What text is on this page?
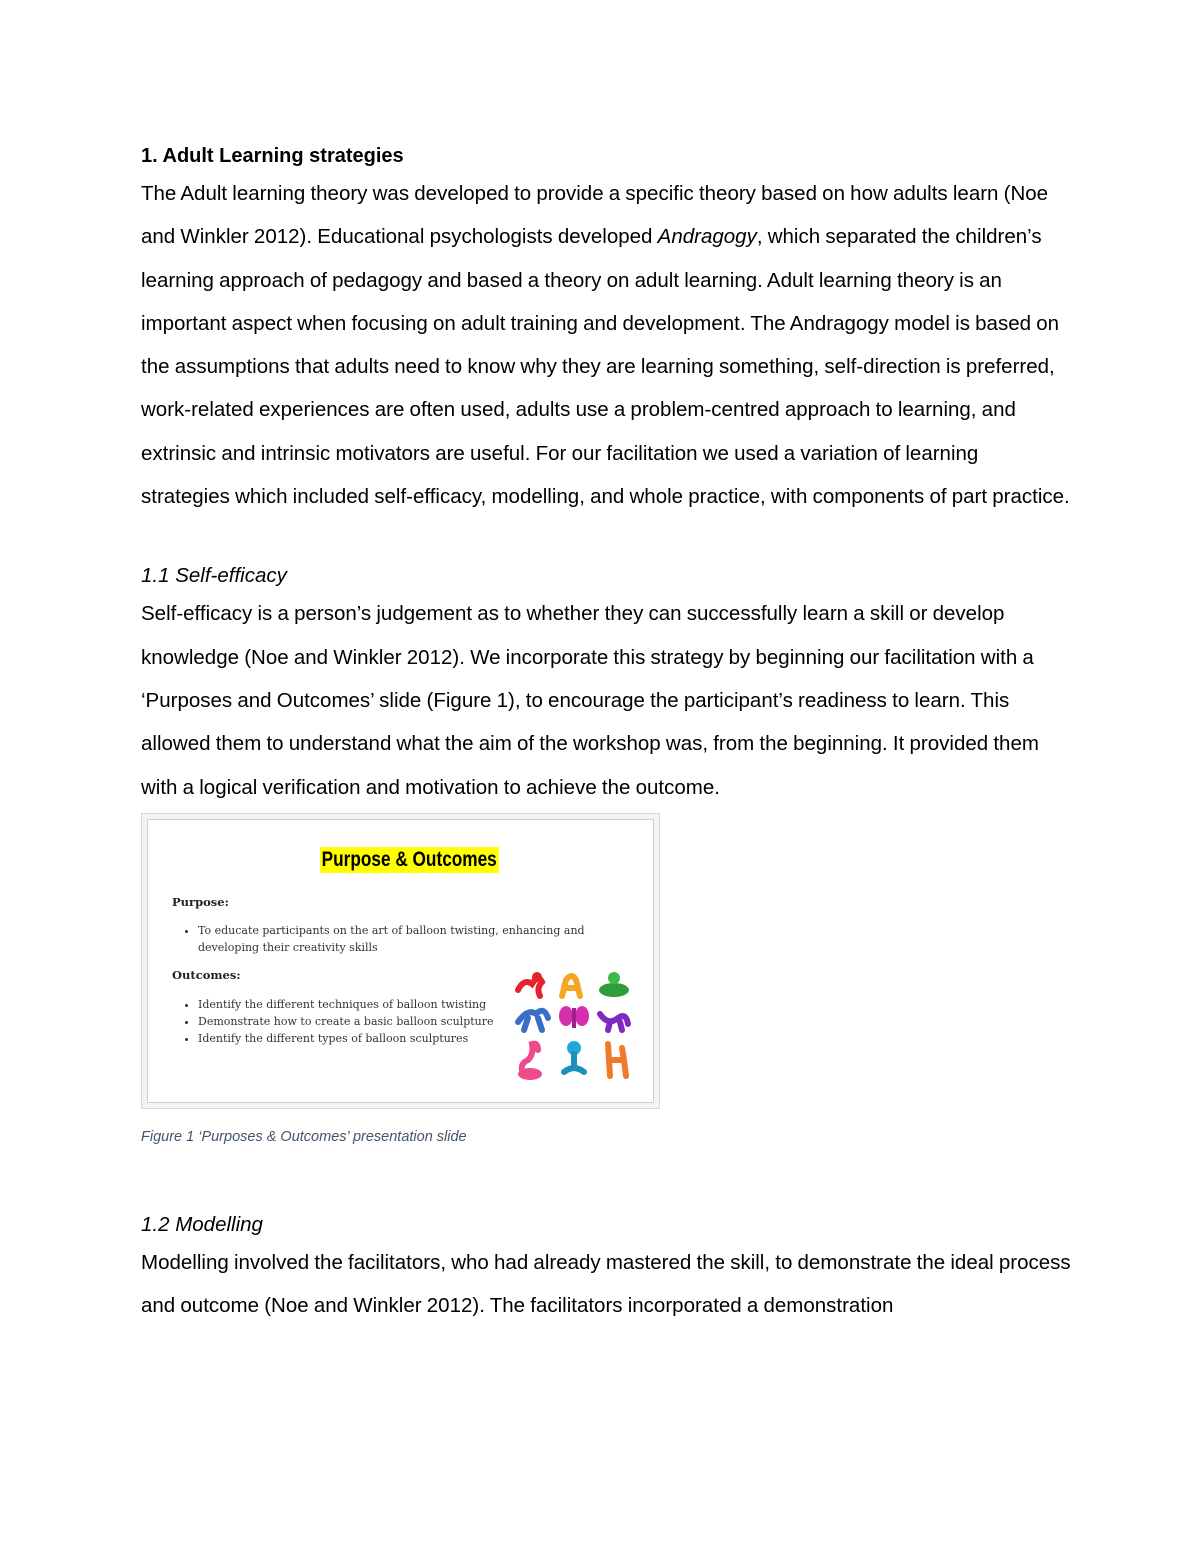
1. Adult Learning strategies

The Adult learning theory was developed to provide a specific theory based on how adults learn (Noe and Winkler 2012). Educational psychologists developed Andragogy, which separated the children’s learning approach of pedagogy and based a theory on adult learning. Adult learning theory is an important aspect when focusing on adult training and development. The Andragogy model is based on the assumptions that adults need to know why they are learning something, self-direction is preferred, work-related experiences are often used, adults use a problem-centred approach to learning, and extrinsic and intrinsic motivators are useful. For our facilitation we used a variation of learning strategies which included self-efficacy, modelling, and whole practice, with components of part practice.

1.1 Self-efficacy

Self-efficacy is a person’s judgement as to whether they can successfully learn a skill or develop knowledge (Noe and Winkler 2012). We incorporate this strategy by beginning our facilitation with a ‘Purposes and Outcomes’ slide (Figure 1), to encourage the participant’s readiness to learn. This allowed them to understand what the aim of the workshop was, from the beginning. It provided them with a logical verification and motivation to achieve the outcome.

Purpose & Outcomes
Purpose:
• To educate participants on the art of balloon twisting, enhancing and developing their creativity skills
Outcomes:
• Identify the different techniques of balloon twisting
• Demonstrate how to create a basic balloon sculpture
• Identify the different types of balloon sculptures
Figure 1 ‘Purposes & Outcomes’ presentation slide

1.2 Modelling

Modelling involved the facilitators, who had already mastered the skill, to demonstrate the ideal process and outcome (Noe and Winkler 2012). The facilitators incorporated a demonstration
